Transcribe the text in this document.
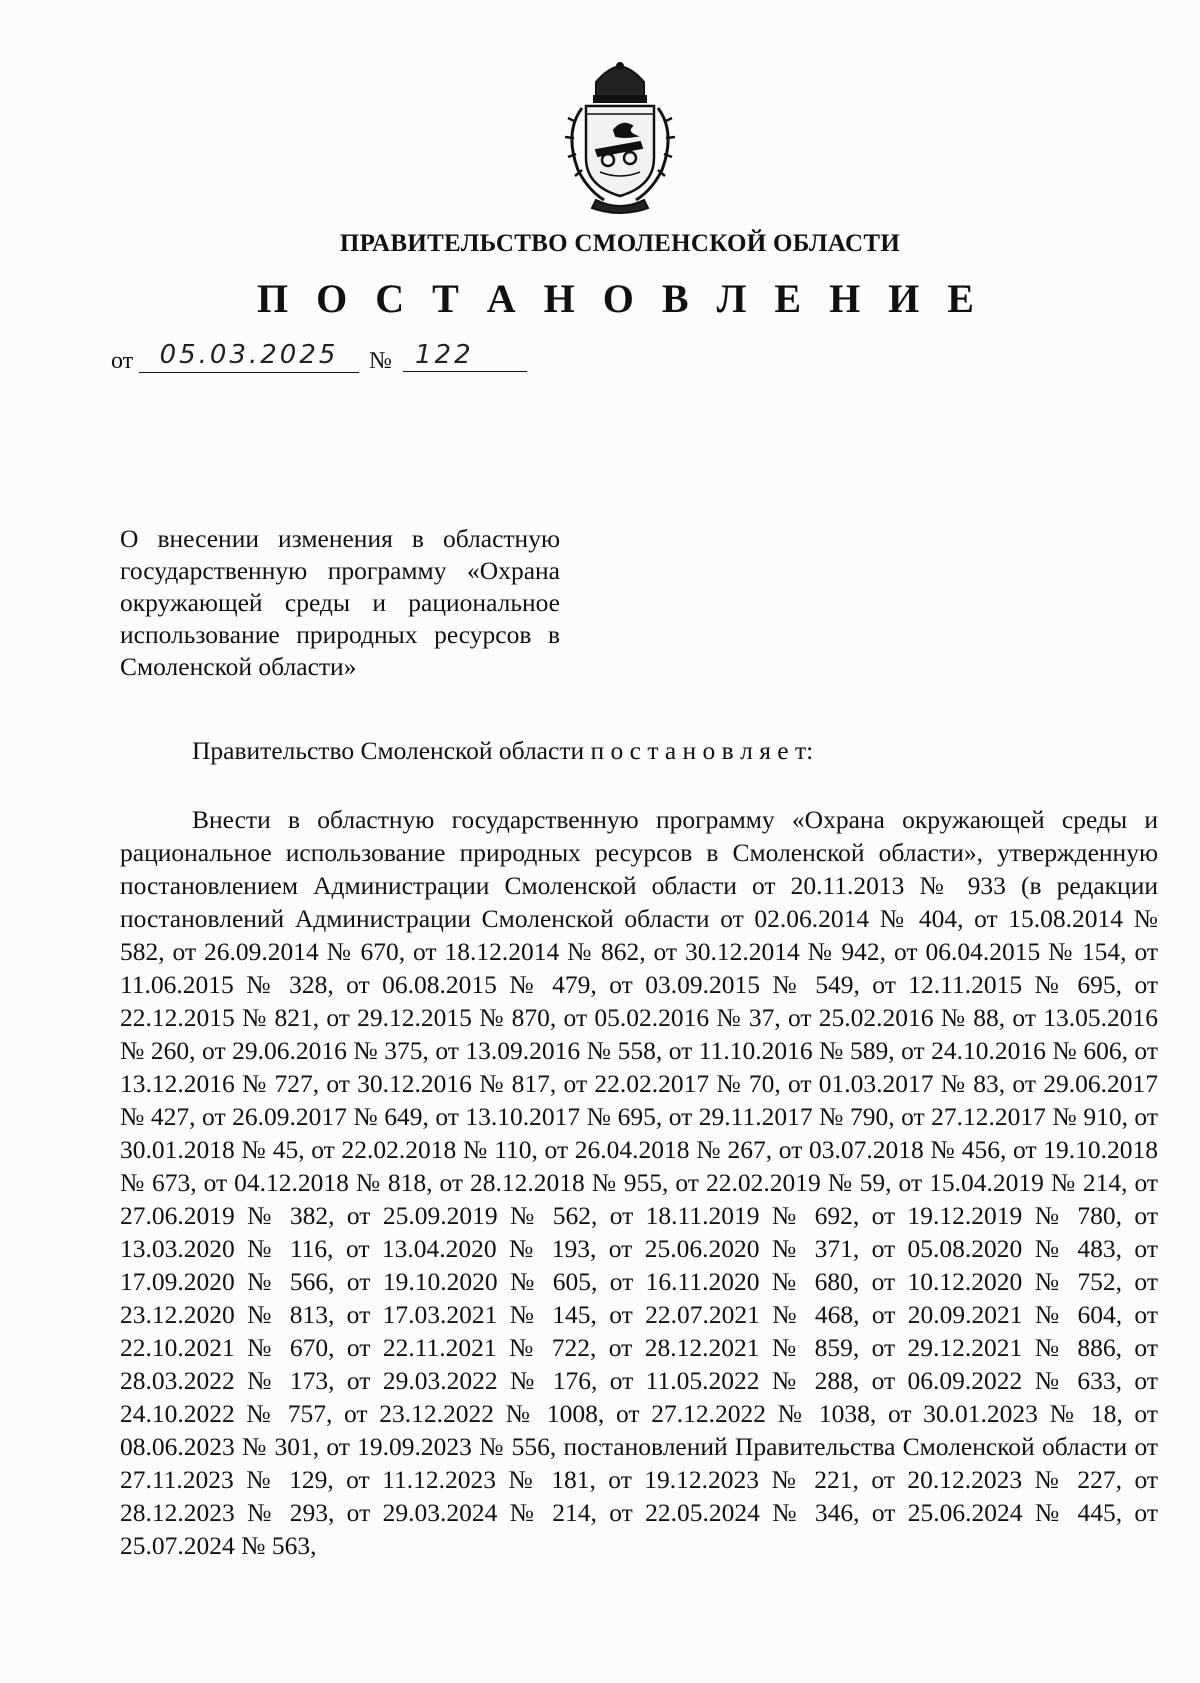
ПРАВИТЕЛЬСТВО СМОЛЕНСКОЙ ОБЛАСТИ
П О С Т А Н О В Л Е Н И Е
от	05.03.2025	№ 122
О внесении изменения в областную государственную программу «Охрана окружающей среды и рациональное использование природных ресурсов в Смоленской области»
Правительство Смоленской области п о с т а н о в л я е т:
Внести в областную государственную программу «Охрана окружающей среды и рациональное использование природных ресурсов в Смоленской области», утвержденную постановлением Администрации Смоленской области от 20.11.2013 № 933 (в редакции постановлений Администрации Смоленской области от 02.06.2014 № 404, от 15.08.2014 № 582, от 26.09.2014 № 670, от 18.12.2014 № 862, от 30.12.2014 № 942, от 06.04.2015 № 154, от 11.06.2015 № 328, от 06.08.2015 № 479, от 03.09.2015 № 549, от 12.11.2015 № 695, от 22.12.2015 № 821, от 29.12.2015 № 870, от 05.02.2016 № 37, от 25.02.2016 № 88, от 13.05.2016 № 260, от 29.06.2016 № 375, от 13.09.2016 № 558, от 11.10.2016 № 589, от 24.10.2016 № 606, от 13.12.2016 № 727, от 30.12.2016 № 817, от 22.02.2017 № 70, от 01.03.2017 № 83, от 29.06.2017 № 427, от 26.09.2017 № 649, от 13.10.2017 № 695, от 29.11.2017 № 790, от 27.12.2017 № 910, от 30.01.2018 № 45, от 22.02.2018 № 110, от 26.04.2018 № 267, от 03.07.2018 № 456, от 19.10.2018 № 673, от 04.12.2018 № 818, от 28.12.2018 № 955, от 22.02.2019 № 59, от 15.04.2019 № 214, от 27.06.2019 № 382, от 25.09.2019 № 562, от 18.11.2019 № 692, от 19.12.2019 № 780, от 13.03.2020 № 116, от 13.04.2020 № 193, от 25.06.2020 № 371, от 05.08.2020 № 483, от 17.09.2020 № 566, от 19.10.2020 № 605, от 16.11.2020 № 680, от 10.12.2020 № 752, от 23.12.2020 № 813, от 17.03.2021 № 145, от 22.07.2021 № 468, от 20.09.2021 № 604, от 22.10.2021 № 670, от 22.11.2021 № 722, от 28.12.2021 № 859, от 29.12.2021 № 886, от 28.03.2022 № 173, от 29.03.2022 № 176, от 11.05.2022 № 288, от 06.09.2022 № 633, от 24.10.2022 № 757, от 23.12.2022 № 1008, от 27.12.2022 № 1038, от 30.01.2023 № 18, от 08.06.2023 № 301, от 19.09.2023 № 556, постановлений Правительства Смоленской области от 27.11.2023 № 129, от 11.12.2023 № 181, от 19.12.2023 № 221, от 20.12.2023 № 227, от 28.12.2023 № 293, от 29.03.2024 № 214, от 22.05.2024 № 346, от 25.06.2024 № 445, от 25.07.2024 № 563,
